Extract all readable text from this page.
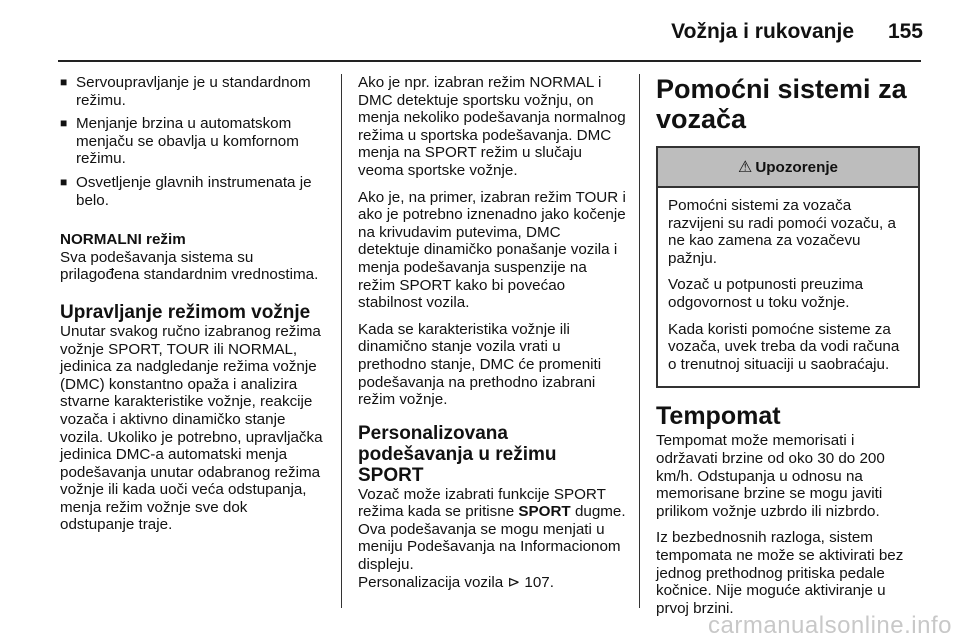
Vožnja i rukovanje 155
■ Servoupravljanje je u standardnom režimu.
■ Menjanje brzina u automatskom menjaču se obavlja u komfornom režimu.
■ Osvetljenje glavnih instrumenata je belo.
NORMALNI režim

Sva podešavanja sistema su prilagođena standardnim vrednostima.

Upravljanje režimom vožnje

Unutar svakog ručno izabranog režima vožnje SPORT, TOUR ili NORMAL, jedinica za nadgledanje režima vožnje (DMC) konstantno opaža i analizira stvarne karakteristike vožnje, reakcije vozača i aktivno dinamičko stanje vozila. Ukoliko je potrebno, upravljačka jedinica DMC-a automatski menja podešavanja unutar odabranog režima vožnje ili kada uoči veća odstupanja, menja režim vožnje sve dok odstupanje traje.

Ako je npr. izabran režim NORMAL i DMC detektuje sportsku vožnju, on menja nekoliko podešavanja normalnog režima u sportska podešavanja. DMC menja na SPORT režim u slučaju veoma sportske vožnje.

Ako je, na primer, izabran režim TOUR i ako je potrebno iznenadno jako kočenje na krivudavim putevima, DMC detektuje dinamičko ponašanje vozila i menja podešavanja suspenzije na režim SPORT kako bi povećao stabilnost vozila.

Kada se karakteristika vožnje ili dinamično stanje vozila vrati u prethodno stanje, DMC će promeniti podešavanja na prethodno izabrani režim vožnje.

Personalizovana podešavanja u režimu SPORT

Vozač može izabrati funkcije SPORT režima kada se pritisne SPORT dugme. Ova podešavanja se mogu menjati u meniju Podešavanja na Informacionom displeju.

Personalizacija vozila ⊳ 107.

Pomoćni sistemi za vozača
⚠ Upozorenje

Pomoćni sistemi za vozača razvijeni su radi pomoći vozaču, a ne kao zamena za vozačevu pažnju.

Vozač u potpunosti preuzima odgovornost u toku vožnje.

Kada koristi pomoćne sisteme za vozača, uvek treba da vodi računa o trenutnoj situaciji u saobraćaju.

Tempomat

Tempomat može memorisati i održavati brzine od oko 30 do 200 km/h. Odstupanja u odnosu na memorisane brzine se mogu javiti prilikom vožnje uzbrdo ili nizbrdo.

Iz bezbednosnih razloga, sistem tempomata ne može se aktivirati bez jednog prethodnog pritiska pedale kočnice. Nije moguće aktiviranje u prvoj brzini.

carmanualsonline.info
